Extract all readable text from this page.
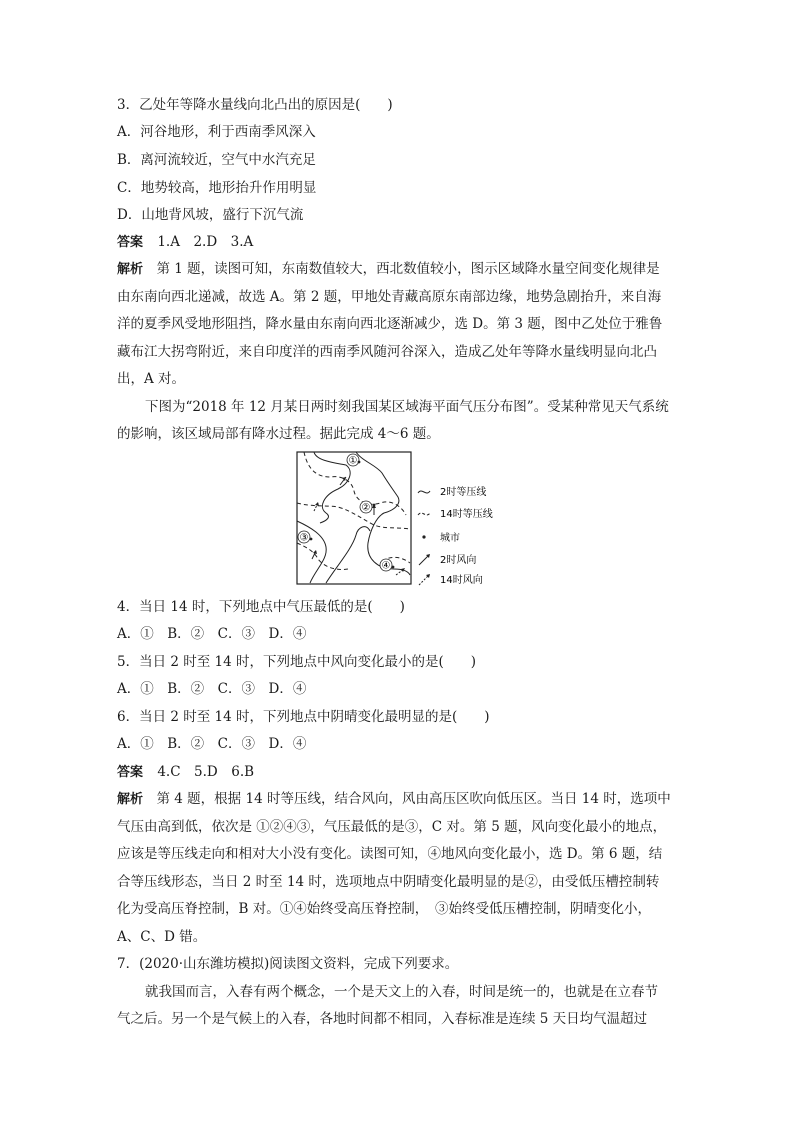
3．乙处年等降水量线向北凸出的原因是(　　)
A．河谷地形，利于西南季风深入
B．离河流较近，空气中水汽充足
C．地势较高，地形抬升作用明显
D．山地背风坡，盛行下沉气流
答案 1.A　2.D　3.A
解析　第 1 题，读图可知，东南数值较大，西北数值较小，图示区域降水量空间变化规律是
由东南向西北递减，故选 A。第 2 题，甲地处青藏高原东南部边缘，地势急剧抬升，来自海
洋的夏季风受地形阻挡，降水量由东南向西北逐渐减少，选 D。第 3 题，图中乙处位于雅鲁
藏布江大拐弯附近，来自印度洋的西南季风随河谷深入，造成乙处年等降水量线明显向北凸
出，A 对。
下图为“2018 年 12 月某日两时刻我国某区域海平面气压分布图”。受某种常见天气系统
的影响，该区域局部有降水过程。据此完成 4～6 题。
①
②
③
④
2时等压线
14时等压线
城市
2时风向
14时风向
4．当日 14 时，下列地点中气压最低的是(　　)
A．①　B．②　C．③　D．④
5．当日 2 时至 14 时，下列地点中风向变化最小的是(　　)
A．①　B．②　C．③　D．④
6．当日 2 时至 14 时，下列地点中阴晴变化最明显的是(　　)
A．①　B．②　C．③　D．④
答案 4.C　5.D　6.B
解析　第 4 题，根据 14 时等压线，结合风向，风由高压区吹向低压区。当日 14 时，选项中
气压由高到低，依次是 ①②④③，气压最低的是③，C 对。第 5 题，风向变化最小的地点，
应该是等压线走向和相对大小没有变化。读图可知，④地风向变化最小，选 D。第 6 题，结
合等压线形态，当日 2 时至 14 时，选项地点中阴晴变化最明显的是②，由受低压槽控制转
化为受高压脊控制，B 对。①④始终受高压脊控制，　③始终受低压槽控制，阴晴变化小，
A、C、D 错。
7．(2020·山东潍坊模拟)阅读图文资料，完成下列要求。
就我国而言，入春有两个概念，一个是天文上的入春，时间是统一的，也就是在立春节
气之后。另一个是气候上的入春，各地时间都不相同，入春标准是连续 5 天日均气温超过
